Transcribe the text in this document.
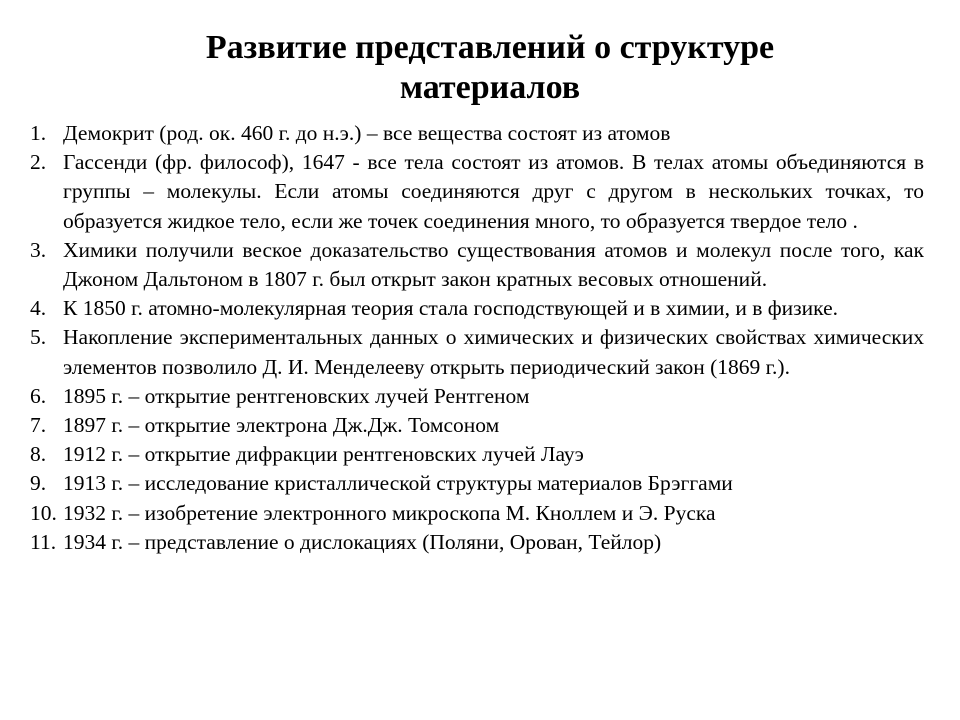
Развитие представлений о структуре
материалов
1. Демокрит (род. ок. 460 г. до н.э.) – все вещества состоят из атомов
2. Гассенди (фр. философ), 1647 - все тела состоят из атомов. В телах атомы объединяются в группы – молекулы. Если атомы соединяются друг с другом в нескольких точках, то образуется жидкое тело, если же точек соединения много, то образуется твердое тело .
3. Химики получили веское доказательство существования атомов и молекул после того, как Джоном Дальтоном в 1807 г. был открыт закон кратных весовых отношений.
4. К 1850 г. атомно-молекулярная теория стала господствующей и в химии, и в физике.
5. Накопление экспериментальных данных о химических и физических свойствах химических элементов позволило Д. И. Менделееву открыть периодический закон (1869 г.).
6. 1895 г. – открытие рентгеновских лучей Рентгеном
7. 1897 г. – открытие электрона Дж.Дж. Томсоном
8. 1912 г. – открытие дифракции рентгеновских лучей Лауэ
9. 1913 г. – исследование кристаллической структуры материалов Брэггами
10. 1932 г. – изобретение электронного микроскопа М. Кноллем и Э. Руска
11. 1934 г. – представление о дислокациях (Поляни, Орован, Тейлор)
